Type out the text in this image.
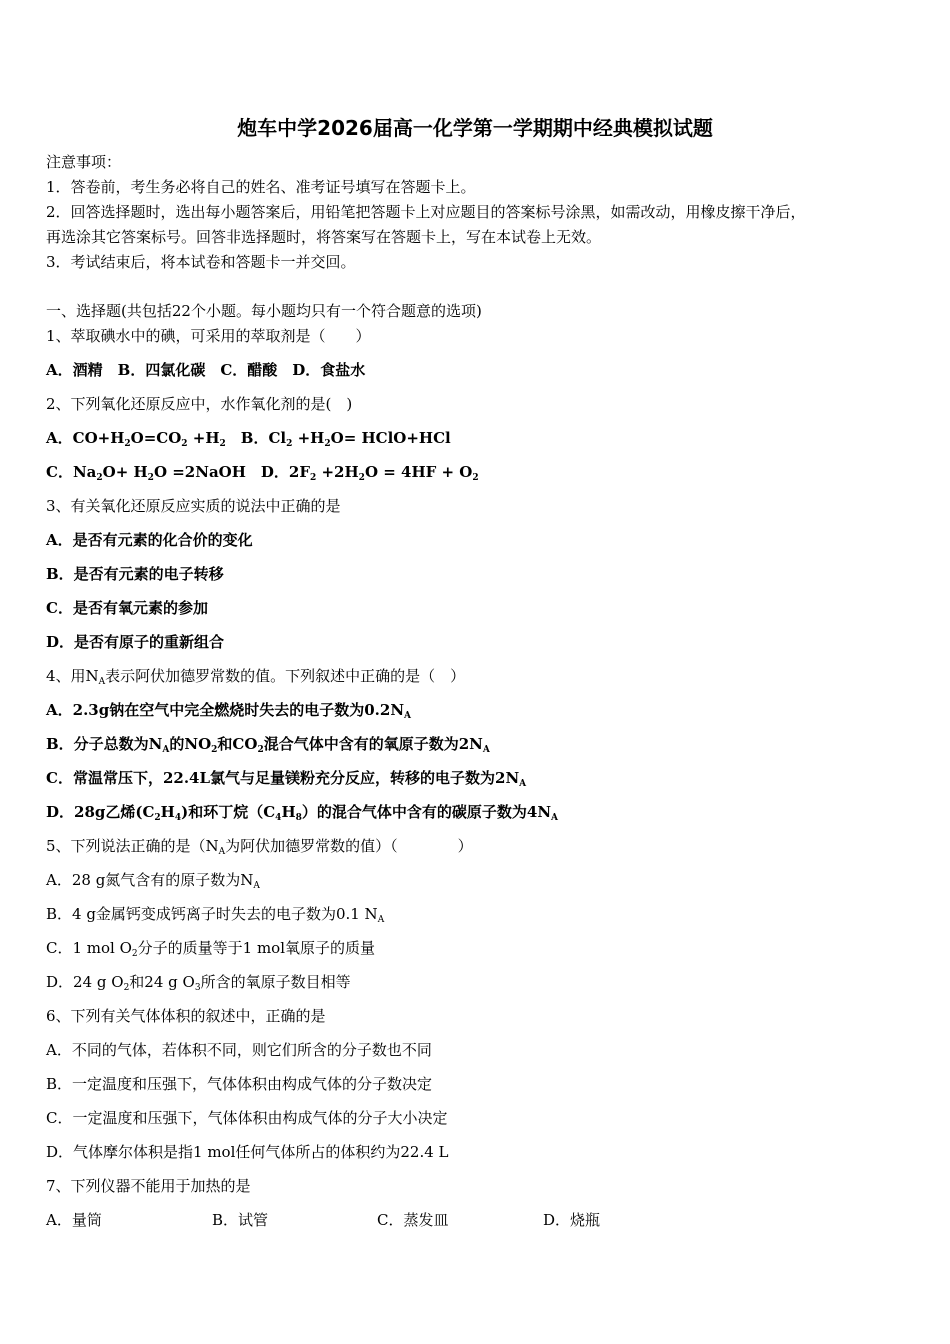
炮车中学2026届高一化学第一学期期中经典模拟试题
注意事项：
1．答卷前，考生务必将自己的姓名、准考证号填写在答题卡上。
2．回答选择题时，选出每小题答案后，用铅笔把答题卡上对应题目的答案标号涂黑，如需改动，用橡皮擦干净后，
再选涂其它答案标号。回答非选择题时，将答案写在答题卡上，写在本试卷上无效。
3．考试结束后，将本试卷和答题卡一并交回。
一、选择题(共包括22个小题。每小题均只有一个符合题意的选项)
1、萃取碘水中的碘，可采用的萃取剂是（　　）
A．酒精　B．四氯化碳　C．醋酸　D．食盐水
2、下列氧化还原反应中，水作氧化剂的是(　)
A．$CO+H_2O=CO_2 +H_2$　B．$Cl_2 +H_2O=$ HClO+HCl
C．$Na_2O+ H_2O$ =2NaOH　D．$2F_2 +2H_2O = 4HF + O_2$
3、有关氧化还原反应实质的说法中正确的是
A．是否有元素的化合价的变化
B．是否有元素的电子转移
C．是否有氧元素的参加
D．是否有原子的重新组合
4、用$N_A$表示阿伏加德罗常数的值。下列叙述中正确的是（　）
A．2.3g钠在空气中完全燃烧时失去的电子数为$0.2N_A$
B．分子总数为$N_A$的$NO_2$和$CO_2$混合气体中含有的氧原子数为$2N_A$
C．常温常压下，22.4L氯气与足量镁粉充分反应，转移的电子数为$2N_A$
D．28g乙烯$(C_2H_4)$和环丁烷$(C_4H_8)$的混合气体中含有的碳原子数为$4N_A$
5、下列说法正确的是（$N_A$为阿伏加德罗常数的值）（　　　　）
A．28 g氮气含有的原子数为$N_A$
B．4 g金属钙变成钙离子时失去的电子数为0.1 $N_A$
C．1 mol $O_2$分子的质量等于1 mol氧原子的质量
D．24 g $O_2$和24 g $O_3$所含的氧原子数目相等
6、下列有关气体体积的叙述中，正确的是
A．不同的气体，若体积不同，则它们所含的分子数也不同
B．一定温度和压强下，气体体积由构成气体的分子数决定
C．一定温度和压强下，气体体积由构成气体的分子大小决定
D．气体摩尔体积是指1 mol任何气体所占的体积约为22.4 L
7、下列仪器不能用于加热的是
A．量筒	B．试管	C．蒸发皿	D．烧瓶
